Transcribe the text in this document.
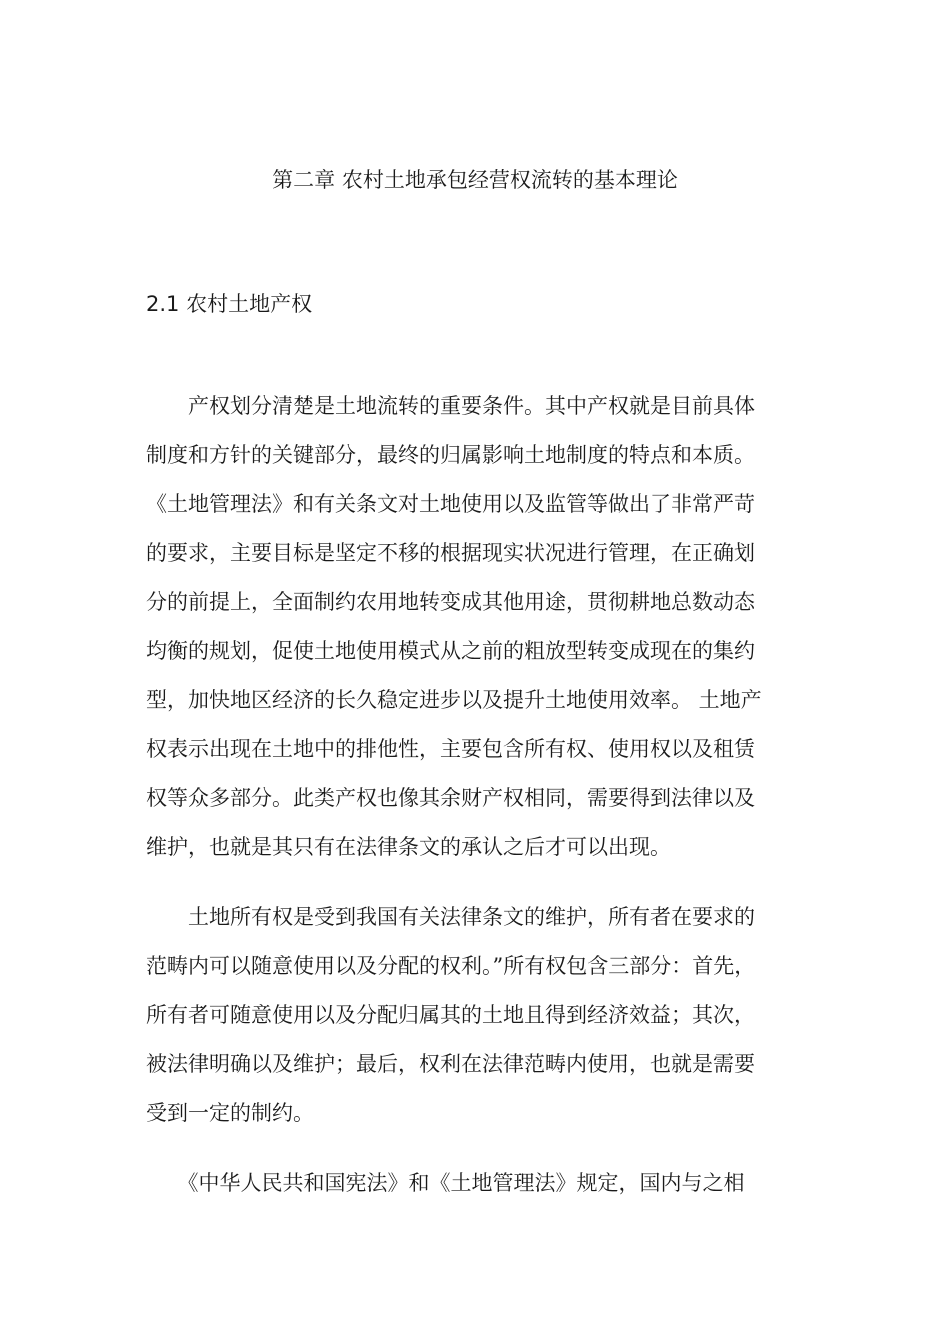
第二章 农村土地承包经营权流转的基本理论
2.1 农村土地产权

　　产权划分清楚是土地流转的重要条件。其中产权就是目前具体

制度和方针的关键部分，最终的归属影响土地制度的特点和本质。

《土地管理法》和有关条文对土地使用以及监管等做出了非常严苛

的要求，主要目标是坚定不移的根据现实状况进行管理，在正确划

分的前提上，全面制约农用地转变成其他用途，贯彻耕地总数动态

均衡的规划，促使土地使用模式从之前的粗放型转变成现在的集约

型，加快地区经济的长久稳定进步以及提升土地使用效率。 土地产

权表示出现在土地中的排他性，主要包含所有权、使用权以及租赁

权等众多部分。此类产权也像其余财产权相同，需要得到法律以及

维护，也就是其只有在法律条文的承认之后才可以出现。

　　土地所有权是受到我国有关法律条文的维护，所有者在要求的

范畴内可以随意使用以及分配的权利。”所有权包含三部分：首先，

所有者可随意使用以及分配归属其的土地且得到经济效益；其次，

被法律明确以及维护；最后，权利在法律范畴内使用，也就是需要

受到一定的制约。

　　《中华人民共和国宪法》和《土地管理法》规定，国内与之相
